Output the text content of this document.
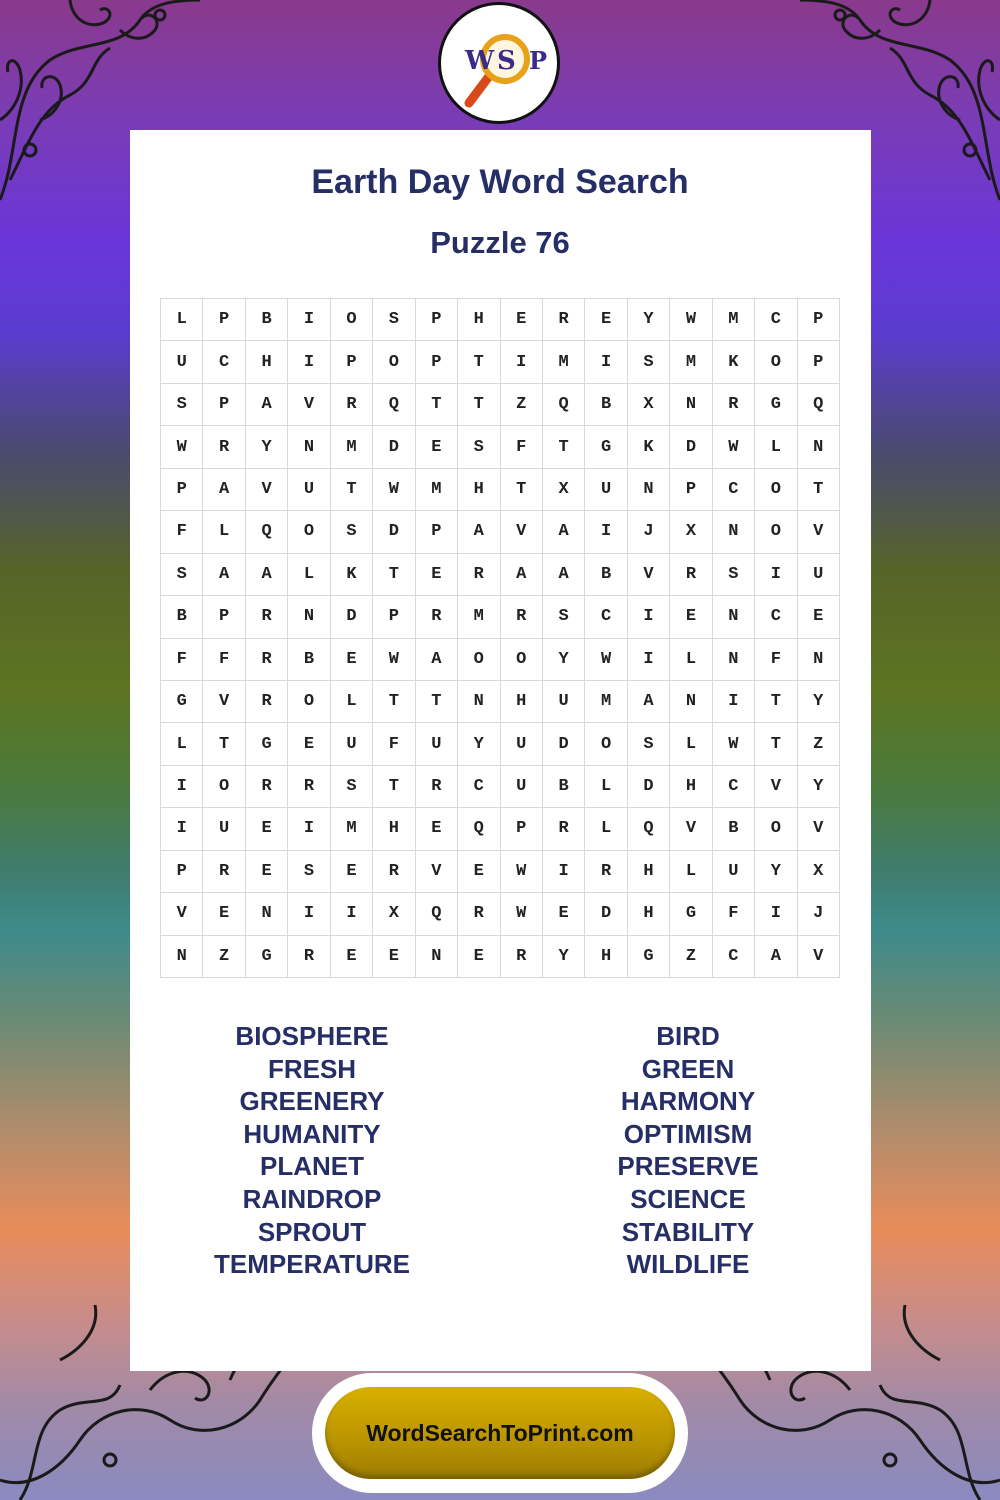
W S P
Earth Day Word Search
Puzzle 76
L	P	B	I	O	S	P	H	E	R	E	Y	W	M	C	P
U	C	H	I	P	O	P	T	I	M	I	S	M	K	O	P
S	P	A	V	R	Q	T	T	Z	Q	B	X	N	R	G	Q
W	R	Y	N	M	D	E	S	F	T	G	K	D	W	L	N
P	A	V	U	T	W	M	H	T	X	U	N	P	C	O	T
F	L	Q	O	S	D	P	A	V	A	I	J	X	N	O	V
S	A	A	L	K	T	E	R	A	A	B	V	R	S	I	U
B	P	R	N	D	P	R	M	R	S	C	I	E	N	C	E
F	F	R	B	E	W	A	O	O	Y	W	I	L	N	F	N
G	V	R	O	L	T	T	N	H	U	M	A	N	I	T	Y
L	T	G	E	U	F	U	Y	U	D	O	S	L	W	T	Z
I	O	R	R	S	T	R	C	U	B	L	D	H	C	V	Y
I	U	E	I	M	H	E	Q	P	R	L	Q	V	B	O	V
P	R	E	S	E	R	V	E	W	I	R	H	L	U	Y	X
V	E	N	I	I	X	Q	R	W	E	D	H	G	F	I	J
N	Z	G	R	E	E	N	E	R	Y	H	G	Z	C	A	V
BIOSPHERE
FRESH
GREENERY
HUMANITY
PLANET
RAINDROP
SPROUT
TEMPERATURE
BIRD
GREEN
HARMONY
OPTIMISM
PRESERVE
SCIENCE
STABILITY
WILDLIFE
WordSearchToPrint.com
